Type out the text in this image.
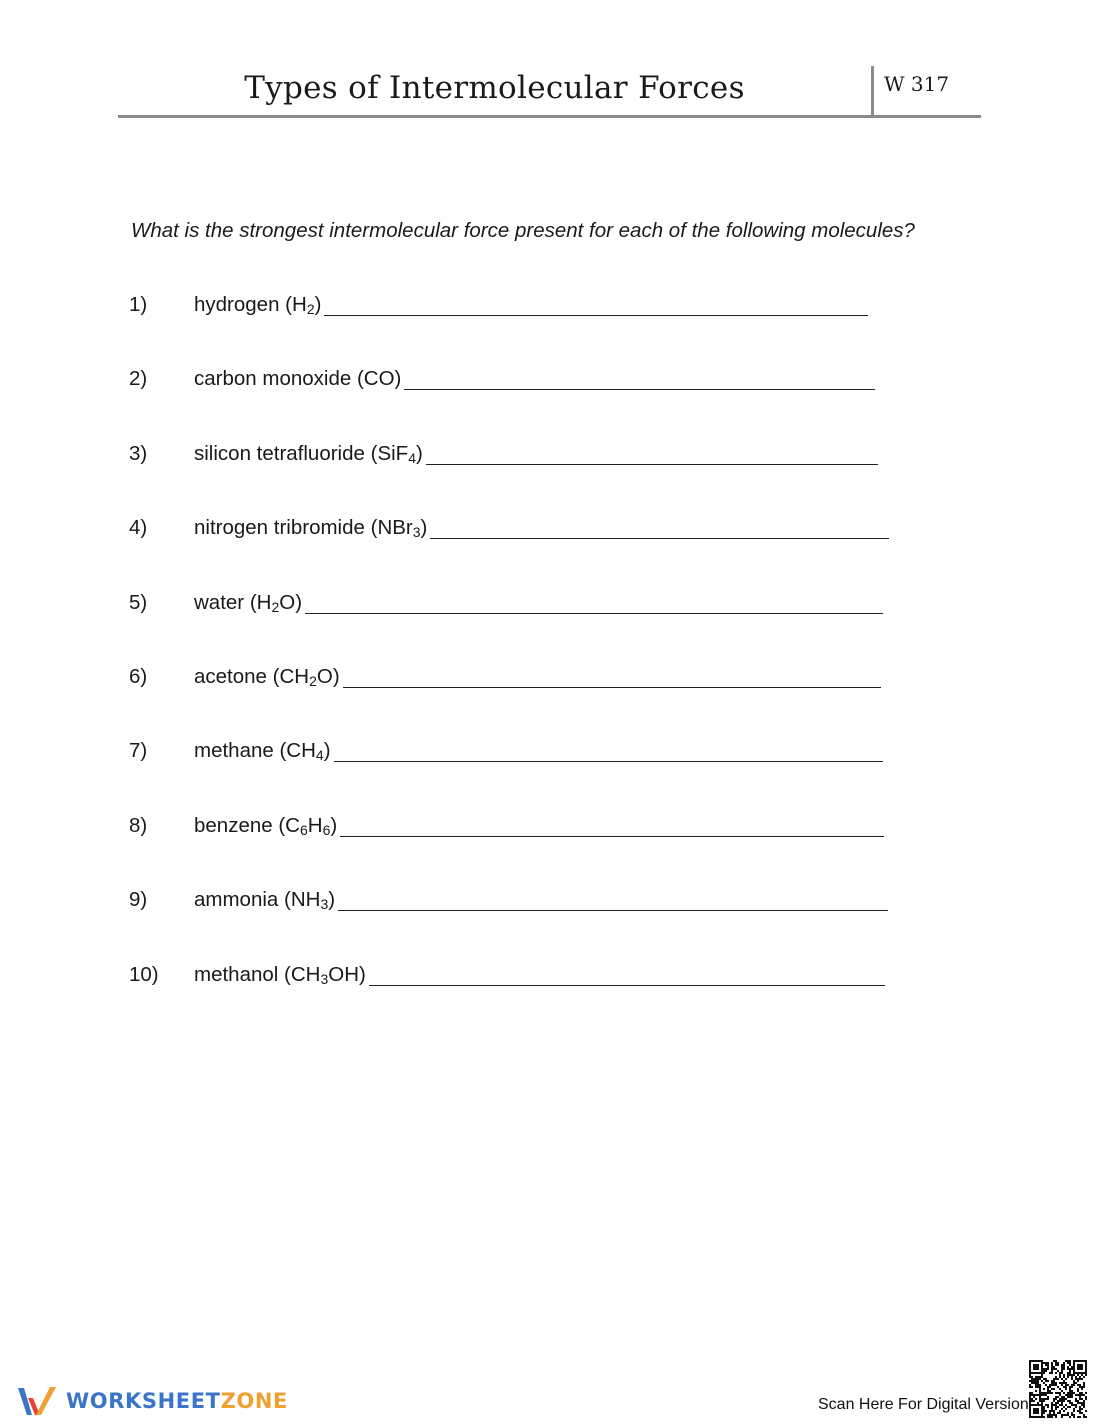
Types of Intermolecular Forces	W 317
What is the strongest intermolecular force present for each of the following molecules?
1) hydrogen $(H_2)$
2) carbon monoxide (CO)
3) silicon tetrafluoride (SiF$_4$)
4) nitrogen tribromide (NBr$_3$)
5) water $(H_2O)$
6) acetone $(CH_2O)$
7) methane $(CH_4)$
8) benzene $(C_6H_6)$
9) ammonia $(NH_3)$
10) methanol $(CH_3OH)$
WORKSHEETZONE	Scan Here For Digital Version
